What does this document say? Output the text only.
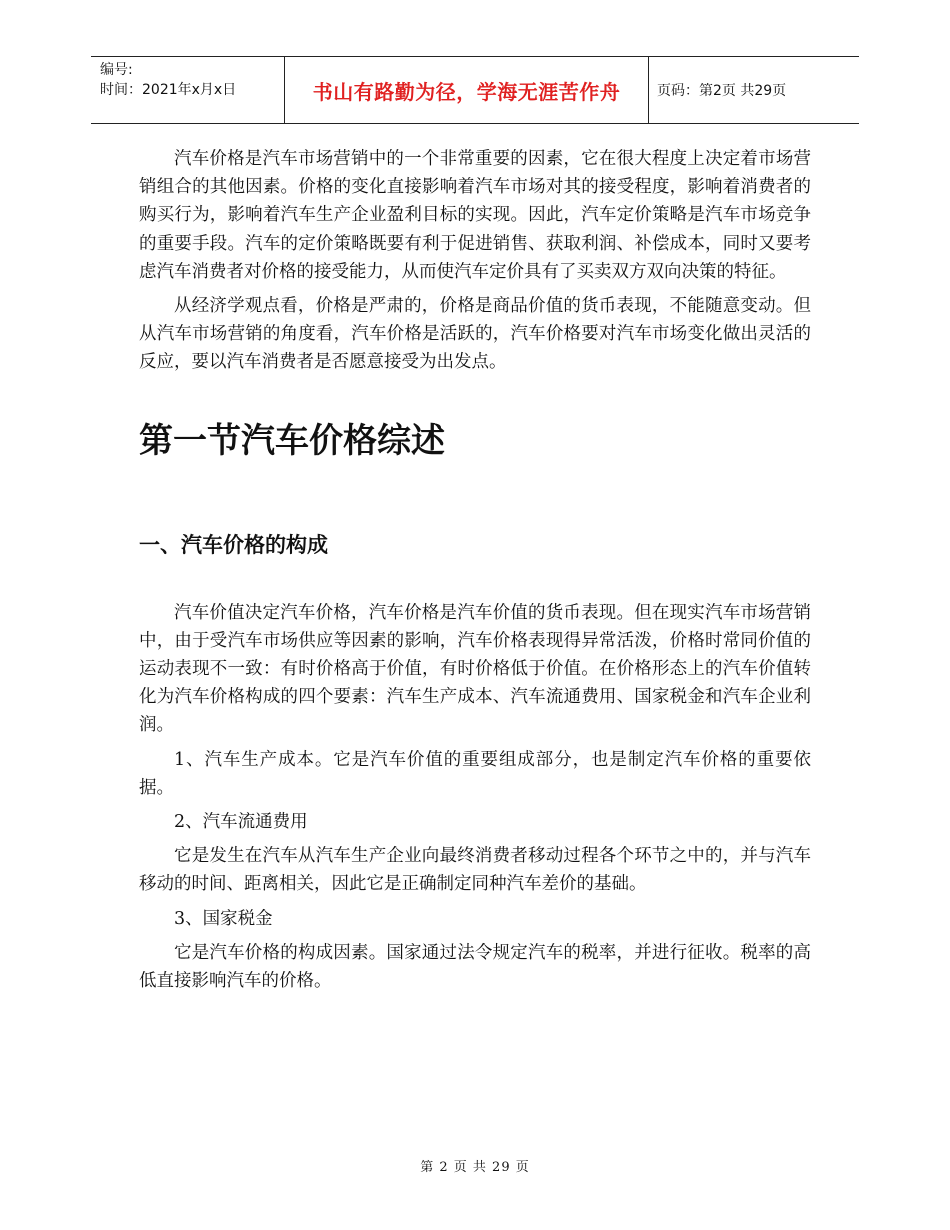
编号:
时间：2021年x月x日	书山有路勤为径，学海无涯苦作舟	页码：第2页 共29页

汽车价格是汽车市场营销中的一个非常重要的因素，它在很大程度上决定着市场营销组合的其他因素。价格的变化直接影响着汽车市场对其的接受程度，影响着消费者的购买行为，影响着汽车生产企业盈利目标的实现。因此，汽车定价策略是汽车市场竞争的重要手段。汽车的定价策略既要有利于促进销售、获取利润、补偿成本，同时又要考虑汽车消费者对价格的接受能力，从而使汽车定价具有了买卖双方双向决策的特征。

从经济学观点看，价格是严肃的，价格是商品价值的货币表现，不能随意变动。但从汽车市场营销的角度看，汽车价格是活跃的，汽车价格要对汽车市场变化做出灵活的反应，要以汽车消费者是否愿意接受为出发点。

第一节汽车价格综述
一、汽车价格的构成

汽车价值决定汽车价格，汽车价格是汽车价值的货币表现。但在现实汽车市场营销中，由于受汽车市场供应等因素的影响，汽车价格表现得异常活泼，价格时常同价值的运动表现不一致：有时价格高于价值，有时价格低于价值。在价格形态上的汽车价值转化为汽车价格构成的四个要素：汽车生产成本、汽车流通费用、国家税金和汽车企业利润。

1、汽车生产成本。它是汽车价值的重要组成部分，也是制定汽车价格的重要依据。

2、汽车流通费用

它是发生在汽车从汽车生产企业向最终消费者移动过程各个环节之中的，并与汽车移动的时间、距离相关，因此它是正确制定同种汽车差价的基础。

3、国家税金

它是汽车价格的构成因素。国家通过法令规定汽车的税率，并进行征收。税率的高低直接影响汽车的价格。

第 2 页 共 29 页
